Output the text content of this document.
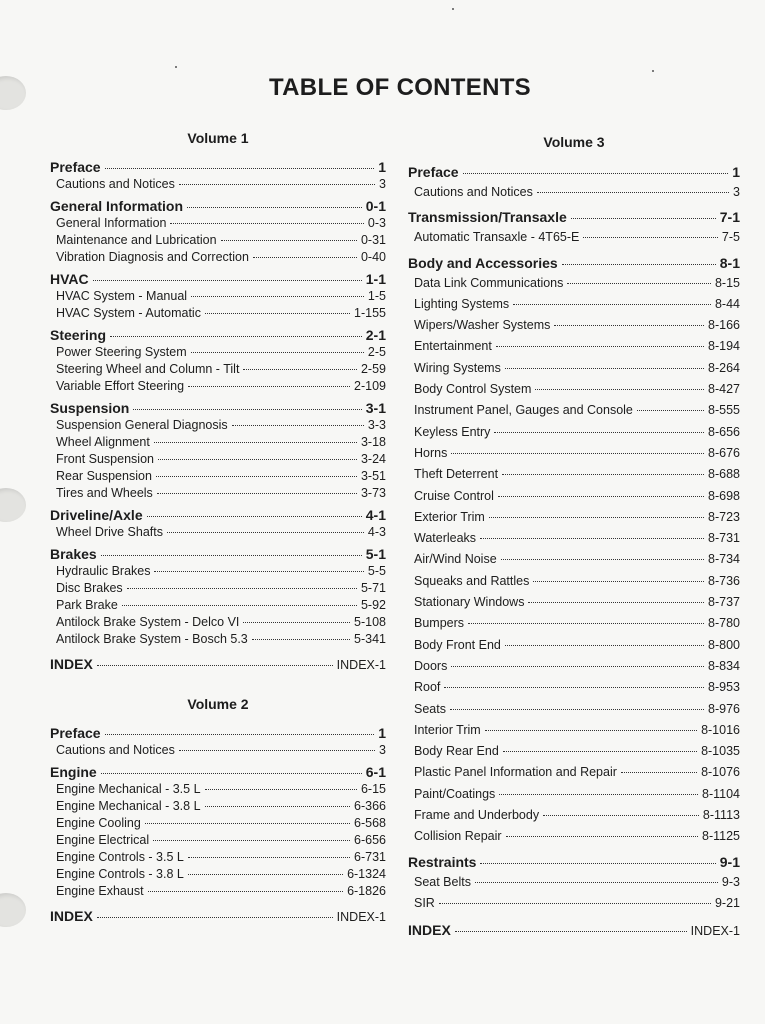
TABLE OF CONTENTS
Volume 1
Preface	1
Cautions and Notices	3
General Information	0-1
General Information	0-3
Maintenance and Lubrication	0-31
Vibration Diagnosis and Correction	0-40
HVAC	1-1
HVAC System - Manual	1-5
HVAC System - Automatic	1-155
Steering	2-1
Power Steering System	2-5
Steering Wheel and Column - Tilt	2-59
Variable Effort Steering	2-109
Suspension	3-1
Suspension General Diagnosis	3-3
Wheel Alignment	3-18
Front Suspension	3-24
Rear Suspension	3-51
Tires and Wheels	3-73
Driveline/Axle	4-1
Wheel Drive Shafts	4-3
Brakes	5-1
Hydraulic Brakes	5-5
Disc Brakes	5-71
Park Brake	5-92
Antilock Brake System - Delco VI	5-108
Antilock Brake System - Bosch 5.3	5-341
INDEX	INDEX-1
Volume 2
Preface	1
Cautions and Notices	3
Engine	6-1
Engine Mechanical - 3.5 L	6-15
Engine Mechanical - 3.8 L	6-366
Engine Cooling	6-568
Engine Electrical	6-656
Engine Controls - 3.5 L	6-731
Engine Controls - 3.8 L	6-1324
Engine Exhaust	6-1826
INDEX	INDEX-1
Volume 3
Preface	1
Cautions and Notices	3
Transmission/Transaxle	7-1
Automatic Transaxle - 4T65-E	7-5
Body and Accessories	8-1
Data Link Communications	8-15
Lighting Systems	8-44
Wipers/Washer Systems	8-166
Entertainment	8-194
Wiring Systems	8-264
Body Control System	8-427
Instrument Panel, Gauges and Console	8-555
Keyless Entry	8-656
Horns	8-676
Theft Deterrent	8-688
Cruise Control	8-698
Exterior Trim	8-723
Waterleaks	8-731
Air/Wind Noise	8-734
Squeaks and Rattles	8-736
Stationary Windows	8-737
Bumpers	8-780
Body Front End	8-800
Doors	8-834
Roof	8-953
Seats	8-976
Interior Trim	8-1016
Body Rear End	8-1035
Plastic Panel Information and Repair	8-1076
Paint/Coatings	8-1104
Frame and Underbody	8-1113
Collision Repair	8-1125
Restraints	9-1
Seat Belts	9-3
SIR	9-21
INDEX	INDEX-1
